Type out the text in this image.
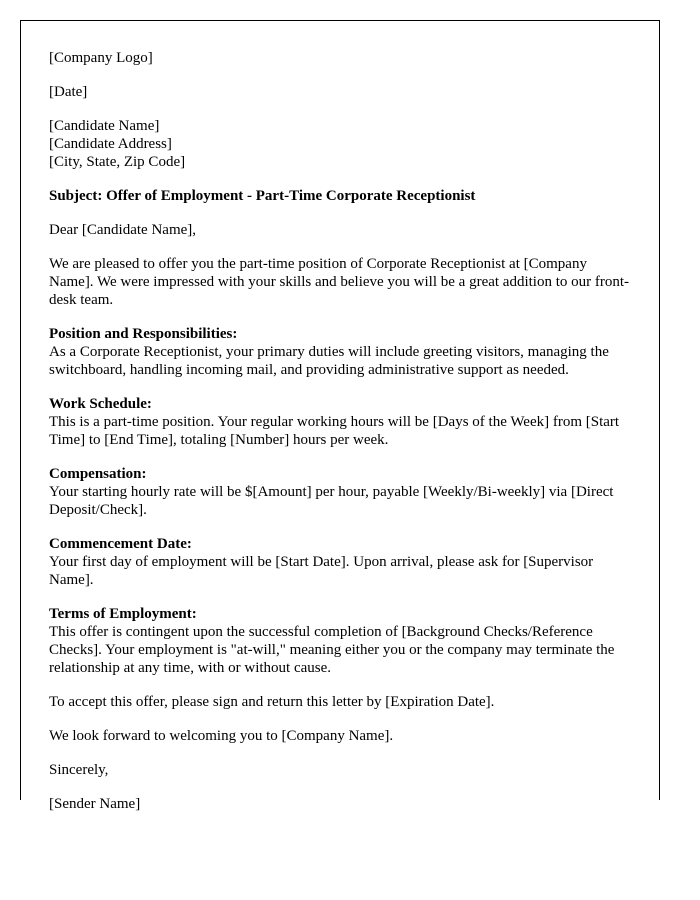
[Company Logo]
[Date]
[Candidate Name]
[Candidate Address]
[City, State, Zip Code]
Subject: Offer of Employment - Part-Time Corporate Receptionist
Dear [Candidate Name],

We are pleased to offer you the part-time position of Corporate Receptionist at [Company Name]. We were impressed with your skills and believe you will be a great addition to our front-desk team.

Position and Responsibilities:
As a Corporate Receptionist, your primary duties will include greeting visitors, managing the switchboard, handling incoming mail, and providing administrative support as needed.
Work Schedule:
This is a part-time position. Your regular working hours will be [Days of the Week] from [Start Time] to [End Time], totaling [Number] hours per week.
Compensation:
Your starting hourly rate will be $[Amount] per hour, payable [Weekly/Bi-weekly] via [Direct Deposit/Check].
Commencement Date:
Your first day of employment will be [Start Date]. Upon arrival, please ask for [Supervisor Name].
Terms of Employment:
This offer is contingent upon the successful completion of [Background Checks/Reference Checks]. Your employment is "at-will," meaning either you or the company may terminate the relationship at any time, with or without cause.

To accept this offer, please sign and return this letter by [Expiration Date].

We look forward to welcoming you to [Company Name].

Sincerely,
[Sender Name]
